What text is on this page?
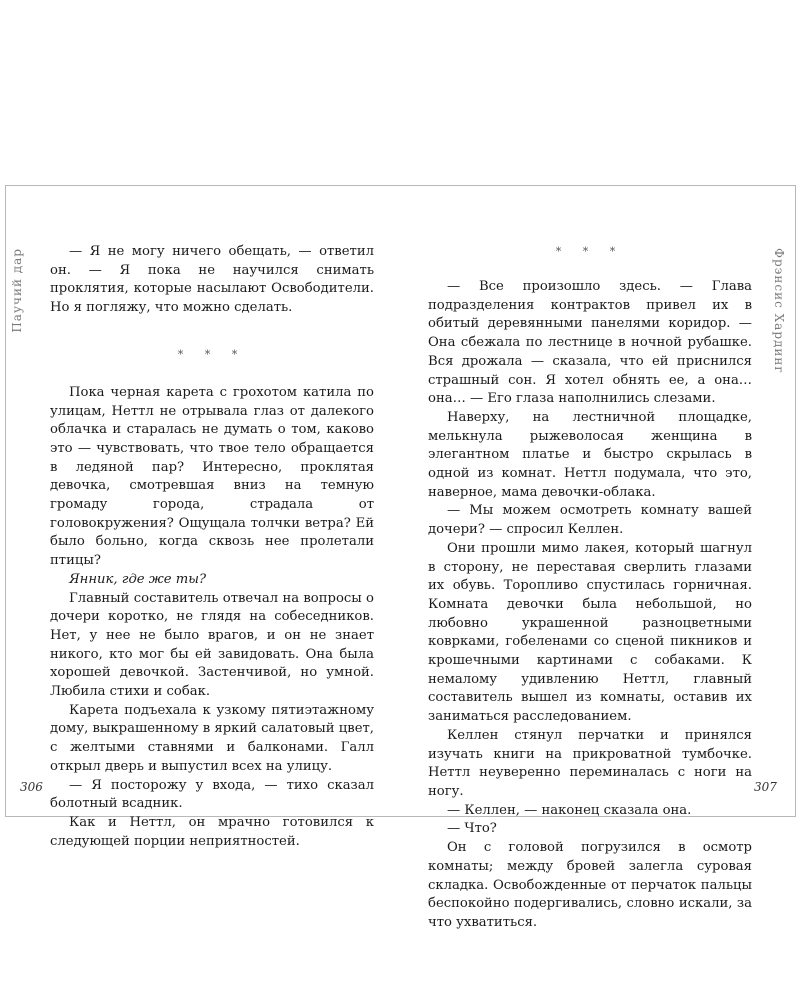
Паучий дар	Фрэнсис Хардинг

— Я не могу ничего обещать, — ответил он. — Я пока не научился снимать проклятия, которые насылают Освободители. Но я погляжу, что можно сделать.

* * *

Пока черная карета с грохотом катила по улицам, Неттл не отрывала глаз от далекого облачка и старалась не думать о том, каково это — чувствовать, что твое тело обращается в ледяной пар? Интересно, проклятая девочка, смотревшая вниз на темную громаду города, страдала от головокружения? Ощущала толчки ветра? Ей было больно, когда сквозь нее пролетали птицы?

Янник, где же ты?

Главный составитель отвечал на вопросы о дочери коротко, не глядя на собеседников. Нет, у нее не было врагов, и он не знает никого, кто мог бы ей завидовать. Она была хорошей девочкой. Застенчивой, но умной. Любила стихи и собак.

Карета подъехала к узкому пятиэтажному дому, выкрашенному в яркий салатовый цвет, с желтыми ставнями и балконами. Галл открыл дверь и выпустил всех на улицу.

— Я посторожу у входа, — тихо сказал болотный всадник.

Как и Неттл, он мрачно готовился к следующей порции неприятностей.

* * *

— Все произошло здесь. — Глава подразделения контрактов привел их в обитый деревянными панелями коридор. — Она сбежала по лестнице в ночной рубашке. Вся дрожала — сказала, что ей приснился страшный сон. Я хотел обнять ее, а она… она… — Его глаза наполнились слезами.

Наверху, на лестничной площадке, мелькнула рыжеволосая женщина в элегантном платье и быстро скрылась в одной из комнат. Неттл подумала, что это, наверное, мама девочки-облака.

— Мы можем осмотреть комнату вашей дочери? — спросил Келлен.

Они прошли мимо лакея, который шагнул в сторону, не переставая сверлить глазами их обувь. Торопливо спустилась горничная. Комната девочки была небольшой, но любовно украшенной разноцветными коврками, гобеленами со сценой пикников и крошечными картинами с собаками. К немалому удивлению Неттл, главный составитель вышел из комнаты, оставив их заниматься расследованием.

Келлен стянул перчатки и принялся изучать книги на прикроватной тумбочке. Неттл неуверенно переминалась с ноги на ногу.

— Келлен, — наконец сказала она.

— Что?

Он с головой погрузился в осмотр комнаты; между бровей залегла суровая складка. Освобожденные от перчаток пальцы беспокойно подергивались, словно искали, за что ухватиться.

306	307
